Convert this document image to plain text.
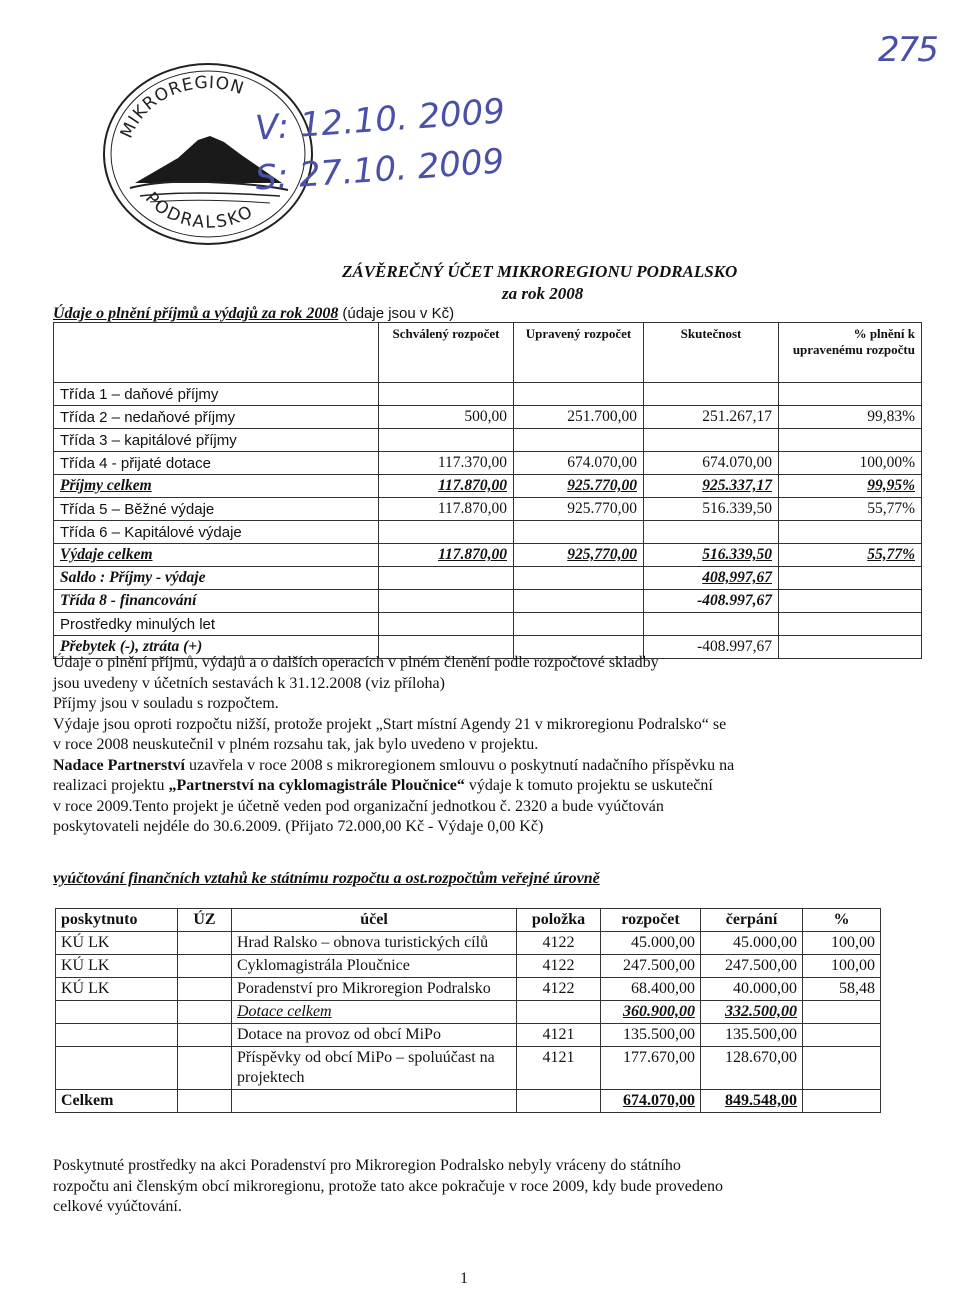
275
MIKROREGION
PODRALSKO
V: 12.10. 2009
S: 27.10. 2009
ZÁVĚREČNÝ ÚČET MIKROREGIONU PODRALSKO
za rok 2008
Údaje o plnění příjmů a výdajů za rok 2008 (údaje jsou v Kč)
	Schválený rozpočet	Upravený rozpočet	Skutečnost	% plnění k upravenému rozpočtu
Třída 1 – daňové příjmy				
Třída 2 – nedaňové příjmy	500,00	251.700,00	251.267,17	99,83%
Třída 3 – kapitálové příjmy				
Třída 4 - přijaté dotace	117.370,00	674.070,00	674.070,00	100,00%
Příjmy celkem	117.870,00	925.770,00	925.337,17	99,95%
Třída 5 – Běžné výdaje	117.870,00	925.770,00	516.339,50	55,77%
Třída 6 – Kapitálové výdaje				
Výdaje celkem	117.870,00	925,770,00	516.339,50	55,77%
Saldo : Příjmy - výdaje			408,997,67	
Třída 8 - financování			-408.997,67	
Prostředky minulých let				
Přebytek (-), ztráta (+)			-408.997,67	
Údaje o plnění příjmů, výdajů a o dalších operacích v plném členění podle rozpočtové skladby
jsou uvedeny v účetních sestavách k 31.12.2008 (viz příloha)
Příjmy jsou v souladu s rozpočtem.
Výdaje jsou oproti rozpočtu nižší, protože projekt „Start místní Agendy 21 v mikroregionu Podralsko“ se
v roce 2008 neuskutečnil v plném rozsahu tak, jak bylo uvedeno v projektu.
Nadace Partnerství uzavřela v roce 2008 s mikroregionem smlouvu o poskytnutí nadačního příspěvku na
realizaci projektu „Partnerství na cyklomagistrále Ploučnice“ výdaje k tomuto projektu se uskuteční
v roce 2009.Tento projekt je účetně veden pod organizační jednotkou č. 2320 a bude vyúčtován
poskytovateli nejdéle do 30.6.2009. (Přijato 72.000,00 Kč - Výdaje 0,00 Kč)
vyúčtování finančních vztahů ke státnímu rozpočtu a ost.rozpočtům veřejné úrovně
poskytnuto	ÚZ	účel	položka	rozpočet	čerpání	%
KÚ LK		Hrad Ralsko – obnova turistických cílů	4122	45.000,00	45.000,00	100,00
KÚ LK		Cyklomagistrála Ploučnice	4122	247.500,00	247.500,00	100,00
KÚ LK		Poradenství pro Mikroregion Podralsko	4122	68.400,00	40.000,00	58,48
		Dotace celkem		360.900,00	332.500,00	
		Dotace na provoz od obcí MiPo	4121	135.500,00	135.500,00	
		Příspěvky od obcí MiPo – spoluúčast na projektech	4121	177.670,00	128.670,00	
Celkem				674.070,00	849.548,00	
Poskytnuté prostředky na akci Poradenství pro Mikroregion Podralsko nebyly vráceny do státního
rozpočtu ani členským obcí mikroregionu, protože tato akce pokračuje v roce 2009, kdy bude provedeno
celkové vyúčtování.
1
